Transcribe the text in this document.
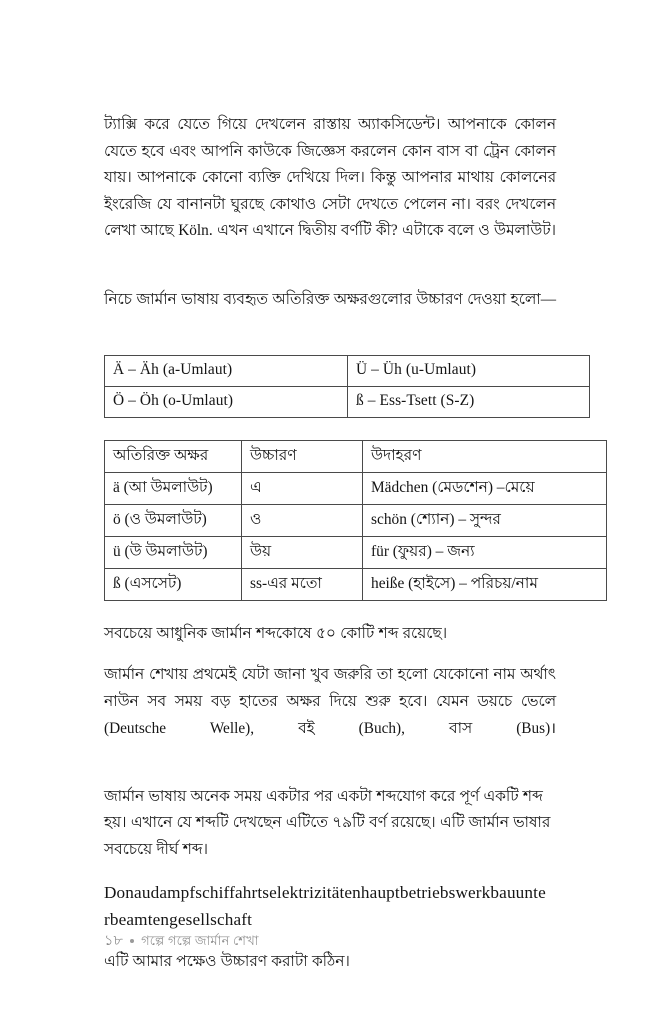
ট্যাক্সি করে যেতে গিয়ে দেখলেন রাস্তায় অ্যাকসিডেন্ট। আপনাকে কোলন যেতে হবে এবং আপনি কাউকে জিজ্ঞেস করলেন কোন বাস বা ট্রেন কোলন যায়। আপনাকে কোনো ব্যক্তি দেখিয়ে দিল। কিন্তু আপনার মাথায় কোলনের ইংরেজি যে বানানটা ঘুরছে কোথাও সেটা দেখতে পেলেন না। বরং দেখলেন লেখা আছে Köln. এখন এখানে দ্বিতীয় বর্ণটি কী? এটাকে বলে ও উমলাউট।

নিচে জার্মান ভাষায় ব্যবহৃত অতিরিক্ত অক্ষরগুলোর উচ্চারণ দেওয়া হলো—

Ä – Äh (a-Umlaut)	Ü – Üh (u-Umlaut)
Ö – Öh (o-Umlaut)	ß – Ess-Tsett (S-Z)
অতিরিক্ত অক্ষর	উচ্চারণ	উদাহরণ
ä (আ উমলাউট)	এ	Mädchen (মেডশেন) –মেয়ে
ö (ও উমলাউট)	ও	schön (শ্যোন) – সুন্দর
ü (উ উমলাউট)	উয়	für (ফুয়র) – জন্য
ß (এসসেট)	ss-এর মতো	heiße (হাইসে) – পরিচয়/নাম

সবচেয়ে আধুনিক জার্মান শব্দকোষে ৫০ কোটি শব্দ রয়েছে।

জার্মান শেখায় প্রথমেই যেটা জানা খুব জরুরি তা হলো যেকোনো নাম অর্থাৎ নাউন সব সময় বড় হাতের অক্ষর দিয়ে শুরু হবে। যেমন ডয়চে ভেলে (Deutsche Welle), বই (Buch), বাস (Bus)।

জার্মান ভাষায় অনেক সময় একটার পর একটা শব্দযোগ করে পূর্ণ একটি শব্দ হয়। এখানে যে শব্দটি দেখছেন এটিতে ৭৯টি বর্ণ রয়েছে। এটি জার্মান ভাষার সবচেয়ে দীর্ঘ শব্দ।

Donaudampfschiffahrtselektrizitätenhauptbetriebswerkbauunterbeamtengesellschaft

এটি আমার পক্ষেও উচ্চারণ করাটা কঠিন।

১৮ গল্পে গল্পে জার্মান শেখা
